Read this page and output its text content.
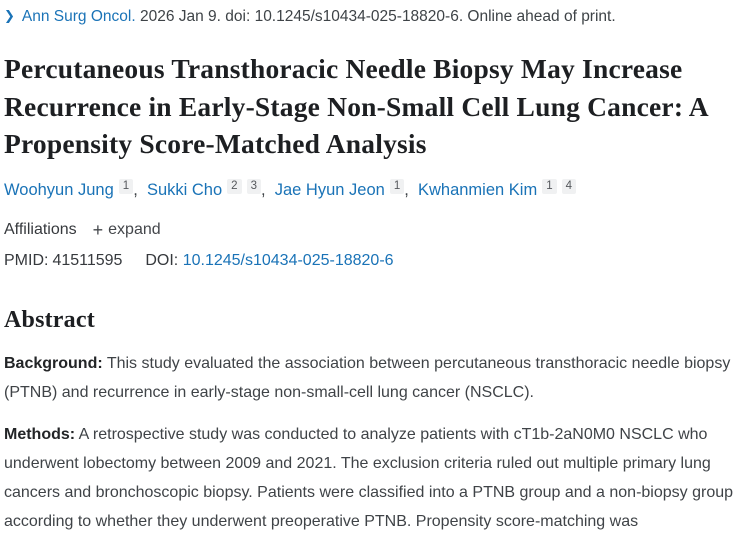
❯ Ann Surg Oncol. 2026 Jan 9. doi: 10.1245/s10434-025-18820-6. Online ahead of print.
Percutaneous Transthoracic Needle Biopsy May Increase Recurrence in Early-Stage Non-Small Cell Lung Cancer: A Propensity Score-Matched Analysis
Woohyun Jung $^1$ ,  Sukki Cho $^2$ $^3$ ,  Jae Hyun Jeon $^1$ ,  Kwhanmien Kim $^1$ $^4$
Affiliations + expand
PMID: 41511595 DOI: 10.1245/s10434-025-18820-6
Abstract

Background: This study evaluated the association between percutaneous transthoracic needle biopsy (PTNB) and recurrence in early-stage non-small-cell lung cancer (NSCLC).

Methods: A retrospective study was conducted to analyze patients with cT1b-2aN0M0 NSCLC who underwent lobectomy between 2009 and 2021. The exclusion criteria ruled out multiple primary lung cancers and bronchoscopic biopsy. Patients were classified into a PTNB group and a non-biopsy group according to whether they underwent preoperative PTNB. Propensity score-matching was
